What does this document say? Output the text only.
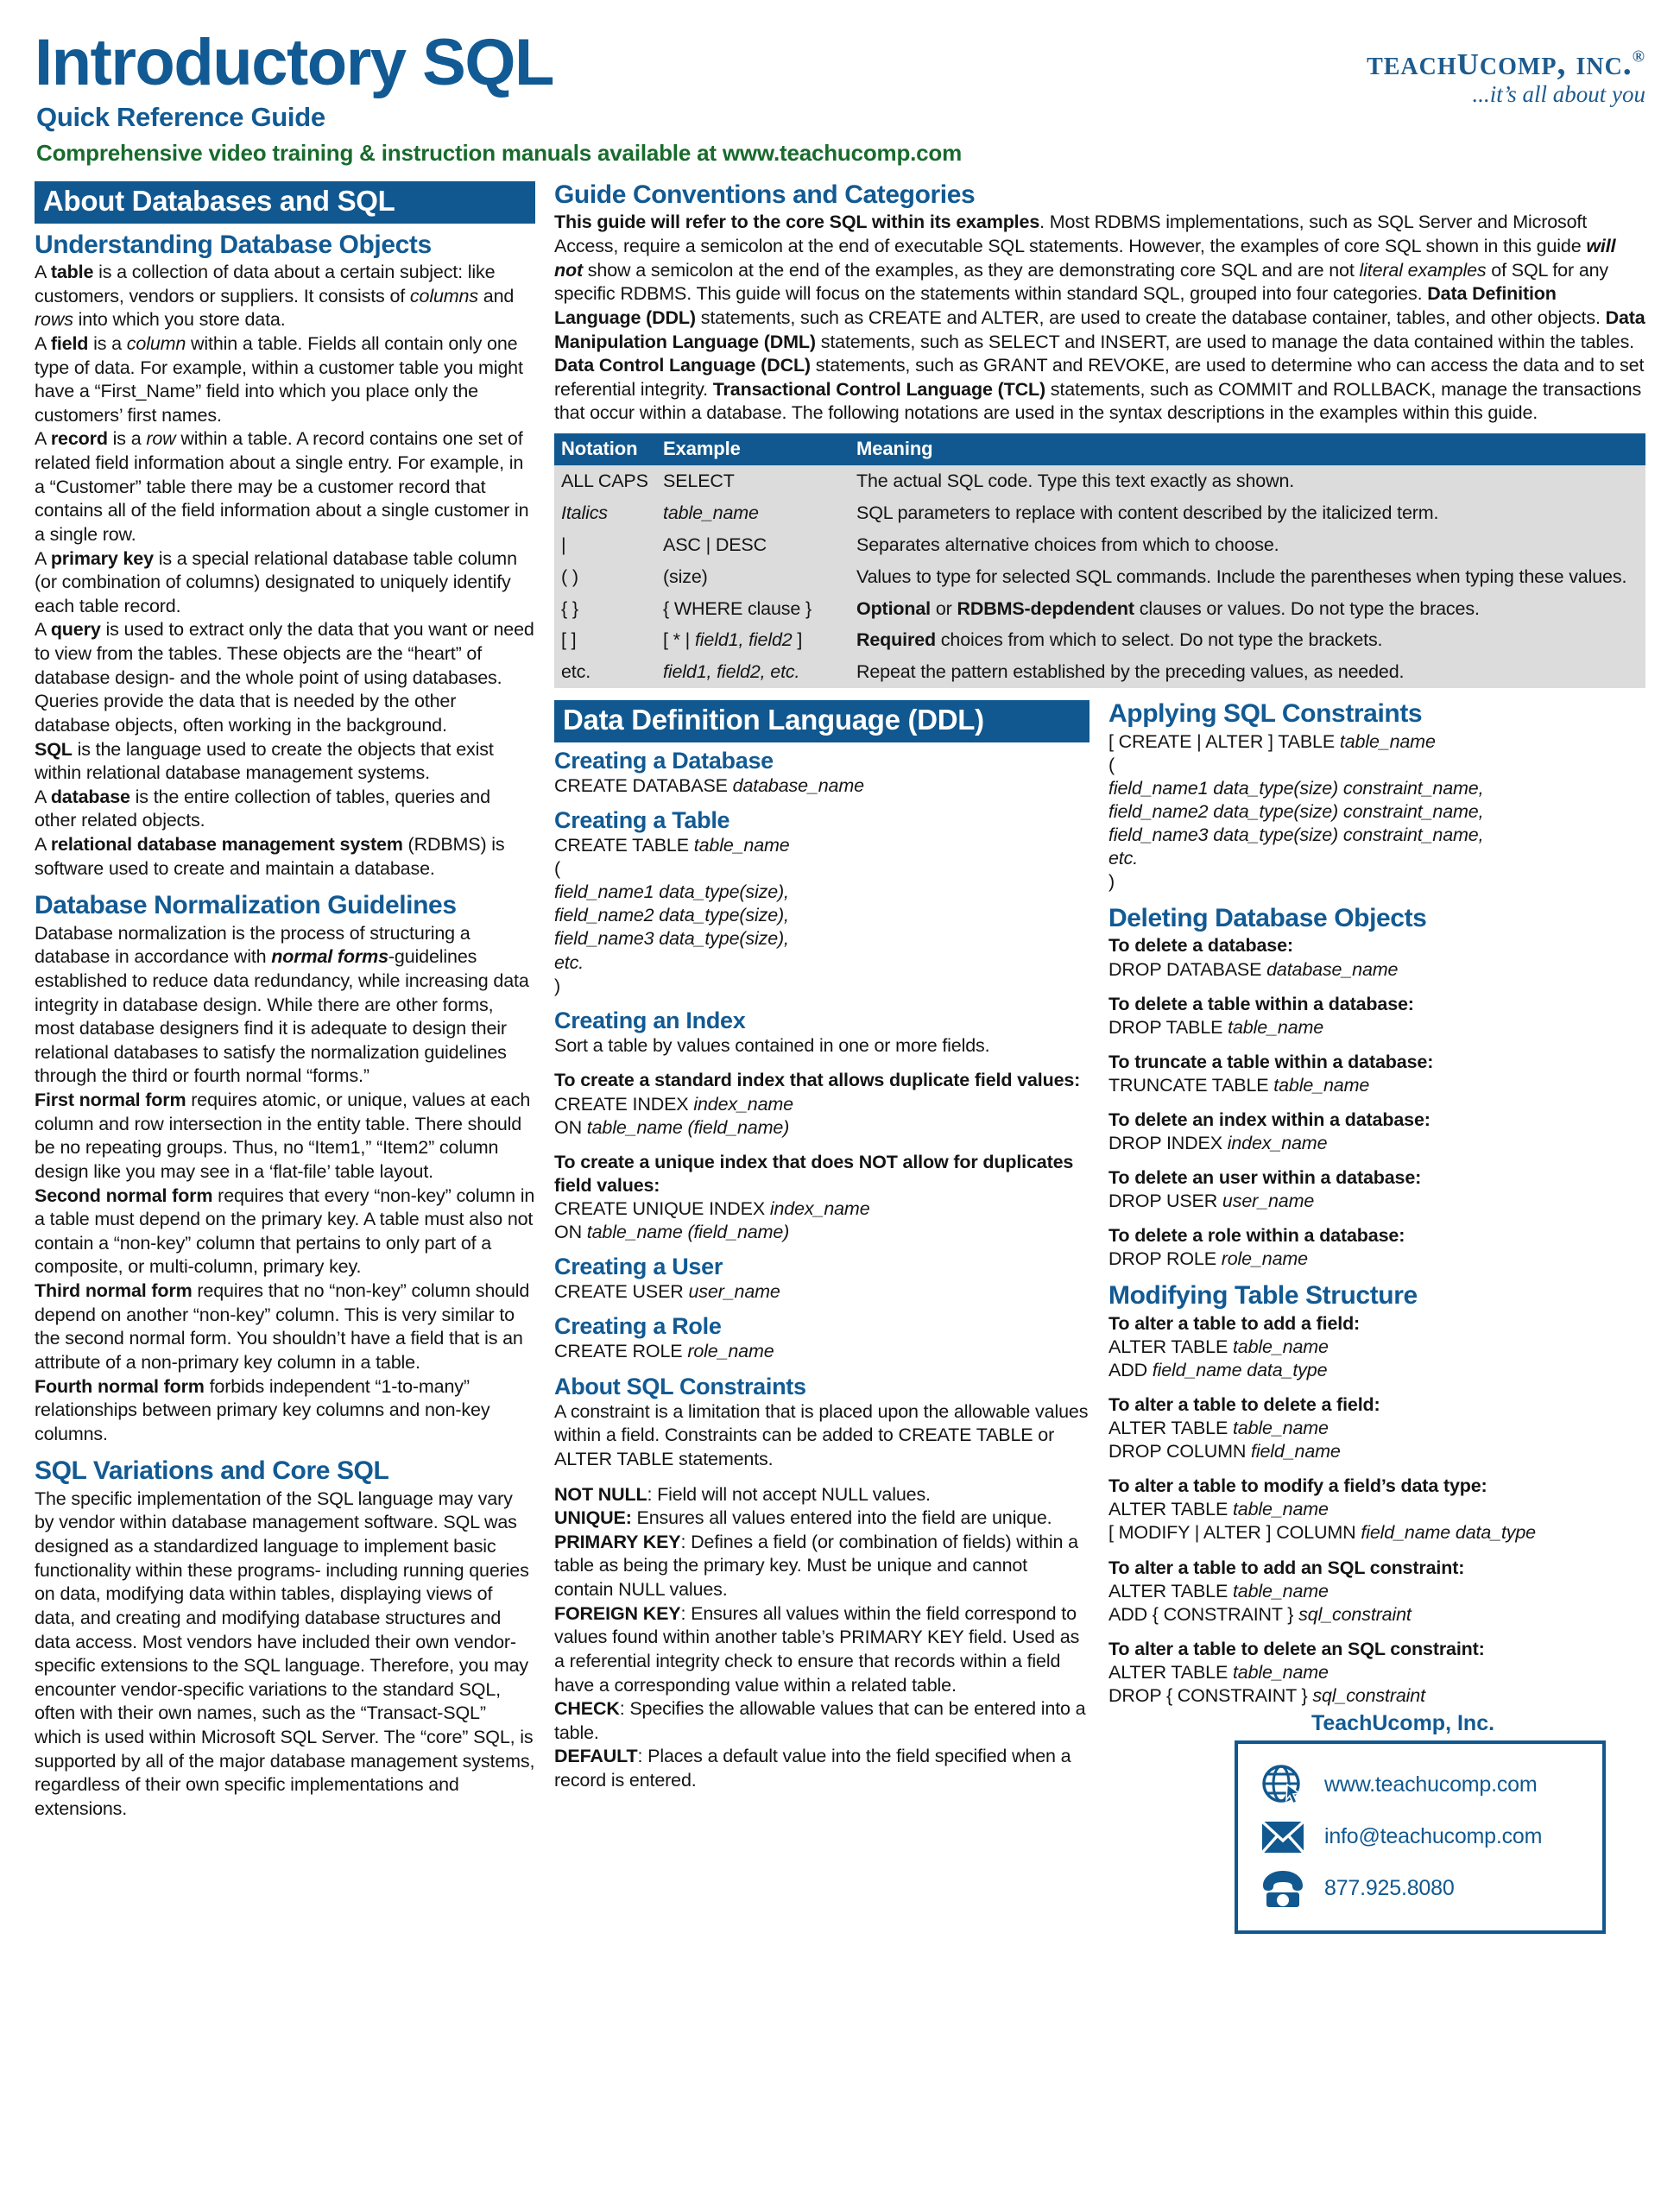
Introductory SQL
Quick Reference Guide
Comprehensive video training & instruction manuals available at www.teachucomp.com
teachucomp, inc.®
...it’s all about you
About Databases and SQL
Understanding Database Objects

A table is a collection of data about a certain subject: like customers, vendors or suppliers. It consists of columns and rows into which you store data.

A field is a column within a table. Fields all contain only one type of data. For example, within a customer table you might have a “First_Name” field into which you place only the customers’ first names.

A record is a row within a table. A record contains one set of related field information about a single entry. For example, in a “Customer” table there may be a customer record that contains all of the field information about a single customer in a single row.

A primary key is a special relational database table column (or combination of columns) designated to uniquely identify each table record.

A query is used to extract only the data that you want or need to view from the tables. These objects are the “heart” of database design- and the whole point of using databases. Queries provide the data that is needed by the other database objects, often working in the background.

SQL is the language used to create the objects that exist within relational database management systems.

A database is the entire collection of tables, queries and other related objects.

A relational database management system (RDBMS) is software used to create and maintain a database.

Database Normalization Guidelines

Database normalization is the process of structuring a database in accordance with normal forms-guidelines established to reduce data redundancy, while increasing data integrity in database design. While there are other forms, most database designers find it is adequate to design their relational databases to satisfy the normalization guidelines through the third or fourth normal “forms.”

First normal form requires atomic, or unique, values at each column and row intersection in the entity table. There should be no repeating groups. Thus, no “Item1,” “Item2” column design like you may see in a ‘flat-file’ table layout.

Second normal form requires that every “non-key” column in a table must depend on the primary key. A table must also not contain a “non-key” column that pertains to only part of a composite, or multi-column, primary key.

Third normal form requires that no “non-key” column should depend on another “non-key” column. This is very similar to the second normal form. You shouldn’t have a field that is an attribute of a non-primary key column in a table.

Fourth normal form forbids independent “1-to-many” relationships between primary key columns and non-key columns.

SQL Variations and Core SQL

The specific implementation of the SQL language may vary by vendor within database management software. SQL was designed as a standardized language to implement basic functionality within these programs- including running queries on data, modifying data within tables, displaying views of data, and creating and modifying database structures and data access. Most vendors have included their own vendor-specific extensions to the SQL language. Therefore, you may encounter vendor-specific variations to the standard SQL, often with their own names, such as the “Transact-SQL” which is used within Microsoft SQL Server. The “core” SQL, is supported by all of the major database management systems, regardless of their own specific implementations and extensions.

Guide Conventions and Categories

This guide will refer to the core SQL within its examples. Most RDBMS implementations, such as SQL Server and Microsoft Access, require a semicolon at the end of executable SQL statements. However, the examples of core SQL shown in this guide will not show a semicolon at the end of the examples, as they are demonstrating core SQL and are not literal examples of SQL for any specific RDBMS. This guide will focus on the statements within standard SQL, grouped into four categories. Data Definition Language (DDL) statements, such as CREATE and ALTER, are used to create the database container, tables, and other objects. Data Manipulation Language (DML) statements, such as SELECT and INSERT, are used to manage the data contained within the tables. Data Control Language (DCL) statements, such as GRANT and REVOKE, are used to determine who can access the data and to set referential integrity. Transactional Control Language (TCL) statements, such as COMMIT and ROLLBACK, manage the transactions that occur within a database. The following notations are used in the syntax descriptions in the examples within this guide.

Notation	Example	Meaning
ALL CAPS	SELECT	The actual SQL code. Type this text exactly as shown.
Italics	table_name	SQL parameters to replace with content described by the italicized term.
|	ASC | DESC	Separates alternative choices from which to choose.
( )	(size)	Values to type for selected SQL commands. Include the parentheses when typing these values.
{ }	{ WHERE clause }	Optional or RDBMS-depdendent clauses or values. Do not type the braces.
[ ]	[ * | field1, field2 ]	Required choices from which to select. Do not type the brackets.
etc.	field1, field2, etc.	Repeat the pattern established by the preceding values, as needed.
Data Definition Language (DDL)
Creating a Database
CREATE DATABASE database_name
Creating a Table
CREATE TABLE table_name
(
field_name1 data_type(size),
field_name2 data_type(size),
field_name3 data_type(size),
etc.
)
Creating an Index

Sort a table by values contained in one or more fields.

To create a standard index that allows duplicate field values:
CREATE INDEX index_name
ON table_name (field_name)
To create a unique index that does NOT allow for duplicates field values:
CREATE UNIQUE INDEX index_name
ON table_name (field_name)
Creating a User
CREATE USER user_name
Creating a Role
CREATE ROLE role_name
About SQL Constraints

A constraint is a limitation that is placed upon the allowable values within a field. Constraints can be added to CREATE TABLE or ALTER TABLE statements.

NOT NULL: Field will not accept NULL values.

UNIQUE: Ensures all values entered into the field are unique.

PRIMARY KEY: Defines a field (or combination of fields) within a table as being the primary key. Must be unique and cannot contain NULL values.

FOREIGN KEY: Ensures all values within the field correspond to values found within another table’s PRIMARY KEY field. Used as a referential integrity check to ensure that records within a field have a corresponding value within a related table.

CHECK: Specifies the allowable values that can be entered into a table.

DEFAULT: Places a default value into the field specified when a record is entered.

Applying SQL Constraints
[ CREATE | ALTER ] TABLE table_name
(
field_name1 data_type(size) constraint_name,
field_name2 data_type(size) constraint_name,
field_name3 data_type(size) constraint_name,
etc.
)
Deleting Database Objects
To delete a database:
DROP DATABASE database_name
To delete a table within a database:
DROP TABLE table_name
To truncate a table within a database:
TRUNCATE TABLE table_name
To delete an index within a database:
DROP INDEX index_name
To delete an user within a database:
DROP USER user_name
To delete a role within a database:
DROP ROLE role_name
Modifying Table Structure
To alter a table to add a field:
ALTER TABLE table_name
ADD field_name data_type
To alter a table to delete a field:
ALTER TABLE table_name
DROP COLUMN field_name
To alter a table to modify a field’s data type:
ALTER TABLE table_name
[ MODIFY | ALTER ] COLUMN field_name data_type
To alter a table to add an SQL constraint:
ALTER TABLE table_name
ADD { CONSTRAINT } sql_constraint
To alter a table to delete an SQL constraint:
ALTER TABLE table_name
DROP { CONSTRAINT } sql_constraint
TeachUcomp, Inc.
www.teachucomp.com
info@teachucomp.com
877.925.8080
